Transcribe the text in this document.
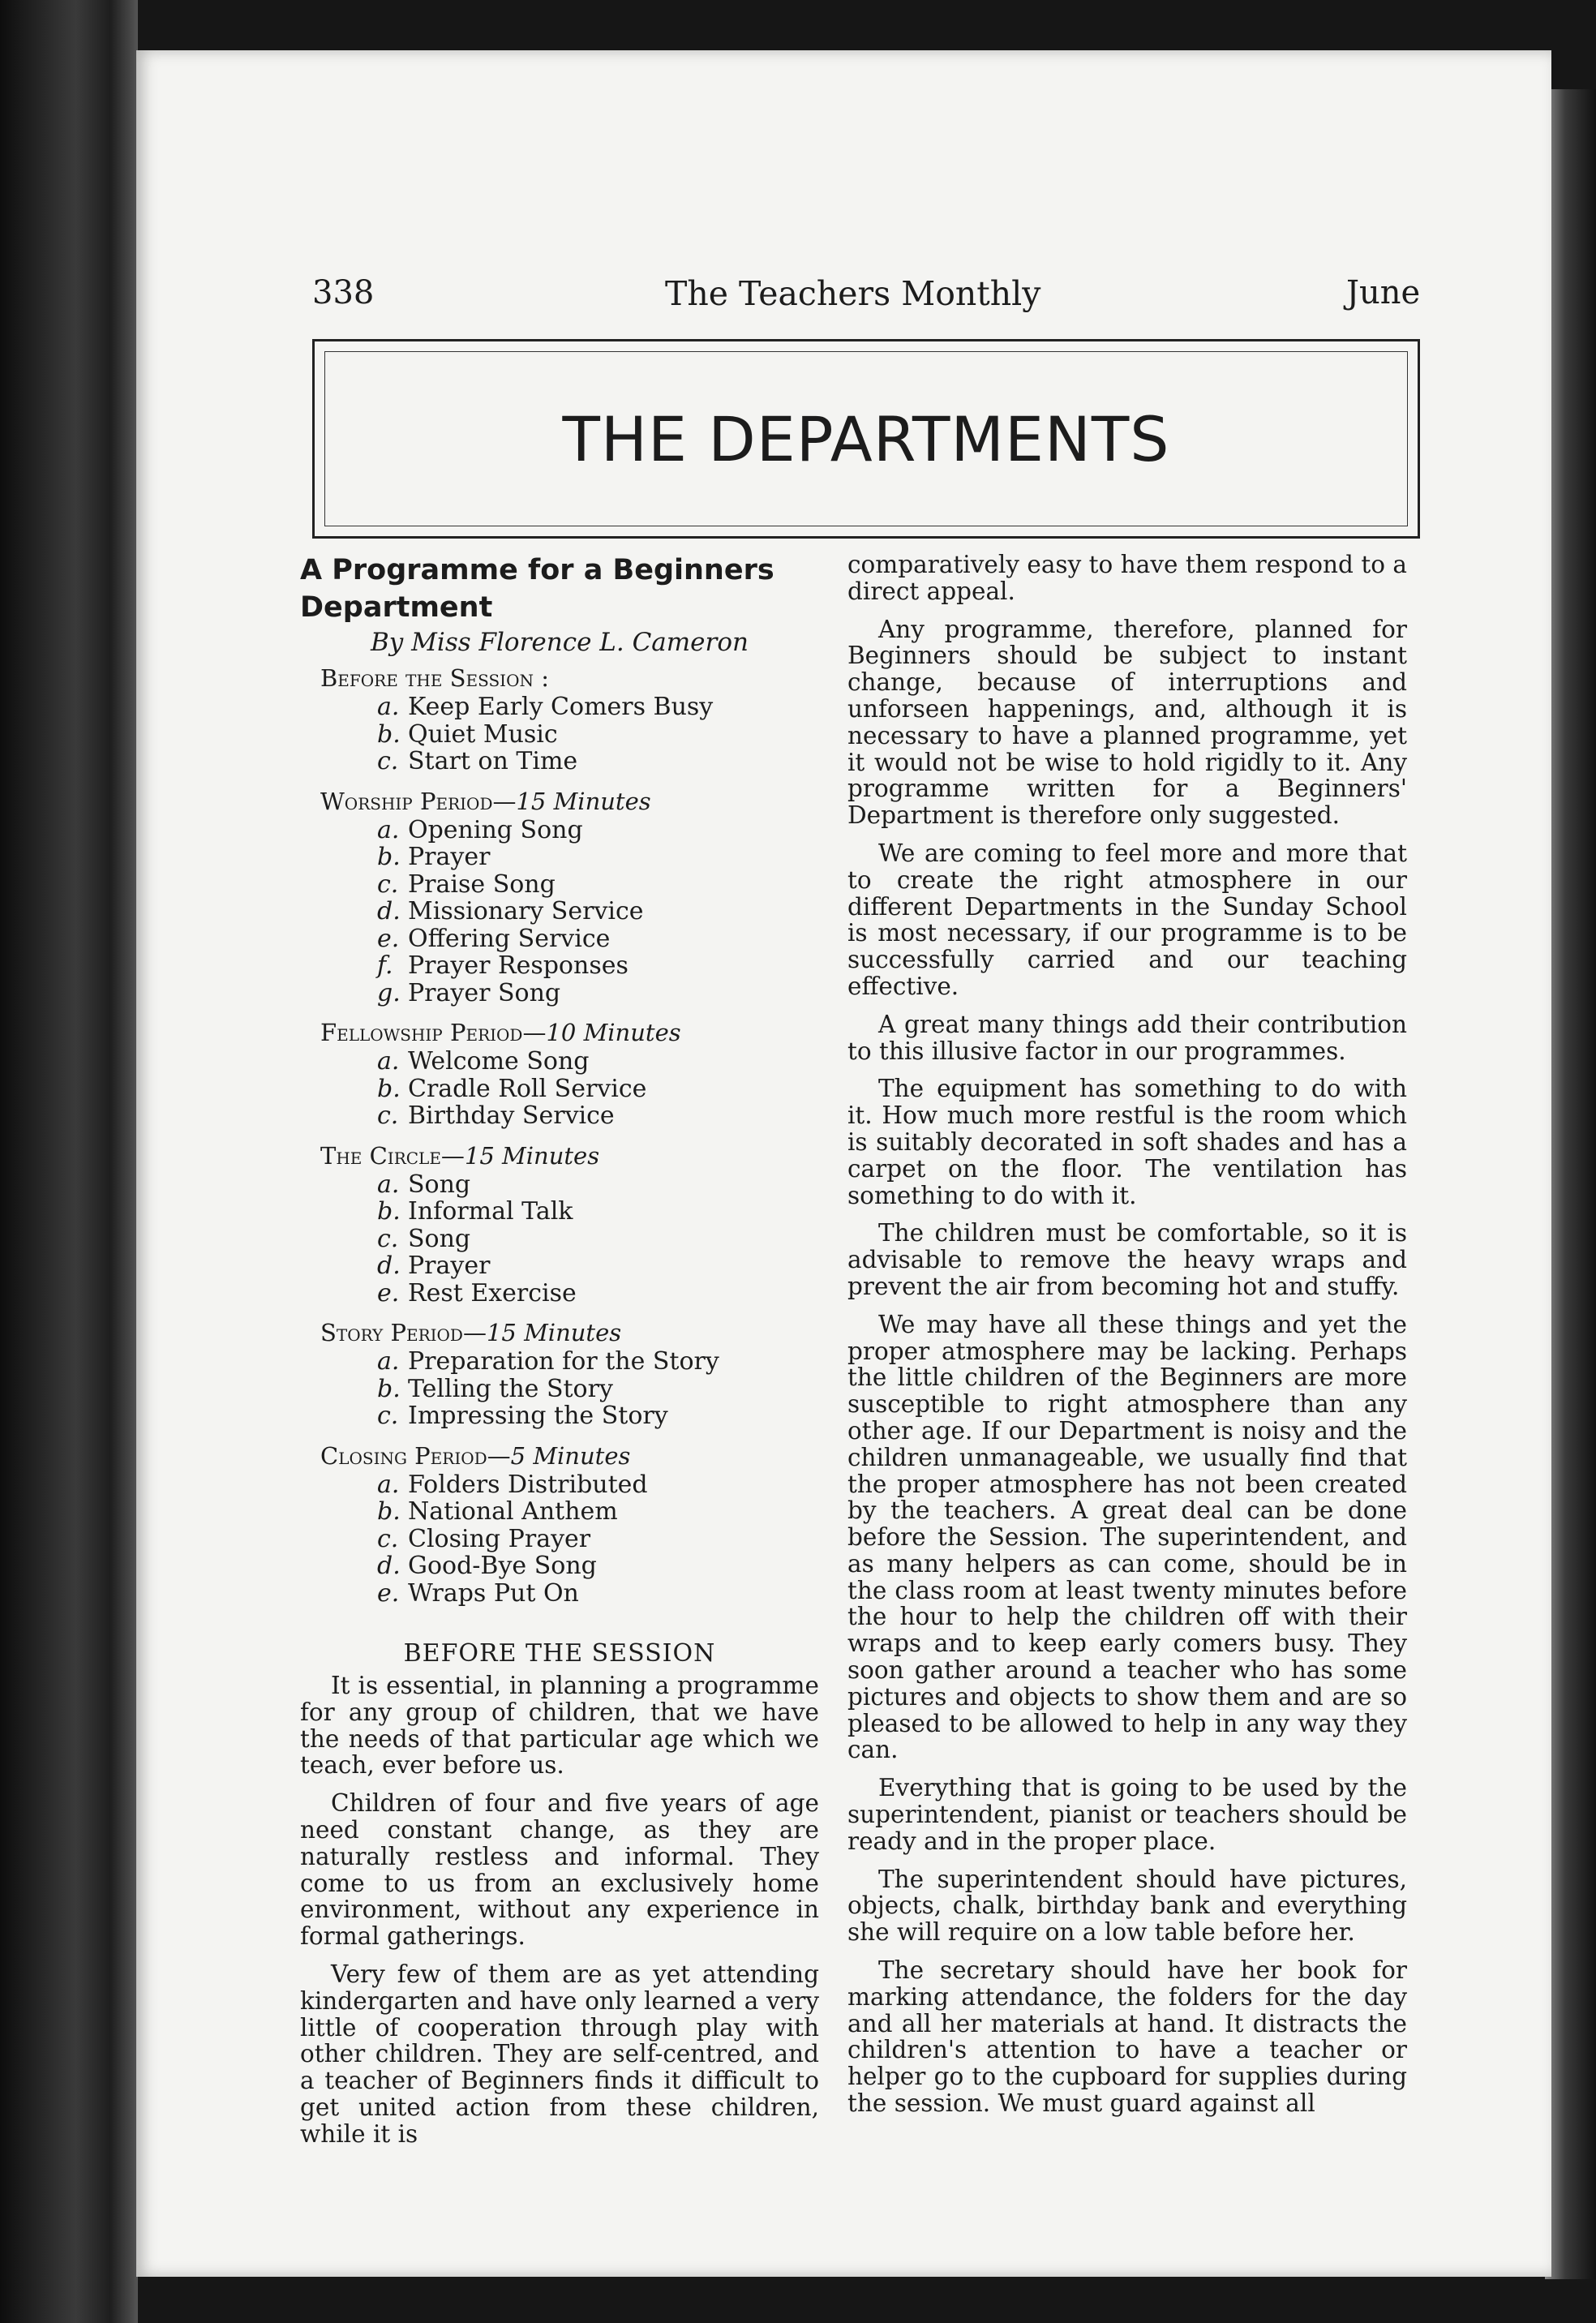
338	The Teachers Monthly	June
THE DEPARTMENTS
A Programme for a Beginners Department
By Miss Florence L. Cameron
Before the Session :
a. Keep Early Comers Busy
b. Quiet Music
c. Start on Time
Worship Period—15 Minutes
a. Opening Song
b. Prayer
c. Praise Song
d. Missionary Service
e. Offering Service
f. Prayer Responses
g. Prayer Song
Fellowship Period—10 Minutes
a. Welcome Song
b. Cradle Roll Service
c. Birthday Service
The Circle—15 Minutes
a. Song
b. Informal Talk
c. Song
d. Prayer
e. Rest Exercise
Story Period—15 Minutes
a. Preparation for the Story
b. Telling the Story
c. Impressing the Story
Closing Period—5 Minutes
a. Folders Distributed
b. National Anthem
c. Closing Prayer
d. Good-Bye Song
e. Wraps Put On
BEFORE THE SESSION

It is essential, in planning a programme for any group of children, that we have the needs of that particular age which we teach, ever before us.

Children of four and five years of age need constant change, as they are naturally restless and informal. They come to us from an exclusively home environment, without any experience in formal gatherings.

Very few of them are as yet attending kindergarten and have only learned a very little of cooperation through play with other children. They are self-centred, and a teacher of Beginners finds it difficult to get united action from these children, while it is

comparatively easy to have them respond to a direct appeal.

Any programme, therefore, planned for Beginners should be subject to instant change, because of interruptions and unforseen happenings, and, although it is necessary to have a planned programme, yet it would not be wise to hold rigidly to it. Any programme written for a Beginners' Department is therefore only suggested.

We are coming to feel more and more that to create the right atmosphere in our different Departments in the Sunday School is most necessary, if our programme is to be successfully carried and our teaching effective.

A great many things add their contribution to this illusive factor in our programmes.

The equipment has something to do with it. How much more restful is the room which is suitably decorated in soft shades and has a carpet on the floor. The ventilation has something to do with it.

The children must be comfortable, so it is advisable to remove the heavy wraps and prevent the air from becoming hot and stuffy.

We may have all these things and yet the proper atmosphere may be lacking. Perhaps the little children of the Beginners are more susceptible to right atmosphere than any other age. If our Department is noisy and the children unmanageable, we usually find that the proper atmosphere has not been created by the teachers. A great deal can be done before the Session. The superintendent, and as many helpers as can come, should be in the class room at least twenty minutes before the hour to help the children off with their wraps and to keep early comers busy. They soon gather around a teacher who has some pictures and objects to show them and are so pleased to be allowed to help in any way they can.

Everything that is going to be used by the superintendent, pianist or teachers should be ready and in the proper place.

The superintendent should have pictures, objects, chalk, birthday bank and everything she will require on a low table before her.

The secretary should have her book for marking attendance, the folders for the day and all her materials at hand. It distracts the children's attention to have a teacher or helper go to the cupboard for supplies during the session. We must guard against all
